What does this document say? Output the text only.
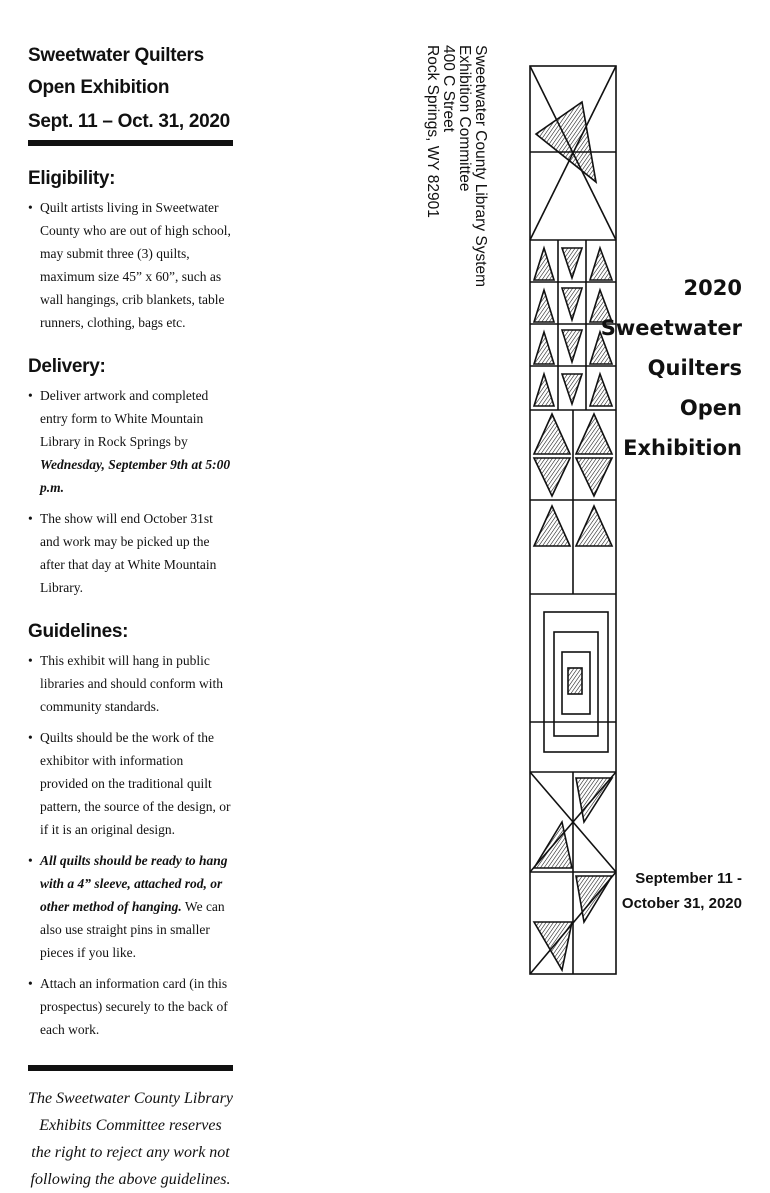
Sweetwater Quilters
Open Exhibition
Sept. 11 – Oct. 31, 2020
Eligibility:
• Quilt artists living in Sweetwater County who are out of high school, may submit three (3) quilts, maximum size 45” x 60”, such as wall hangings, crib blankets, table runners, clothing, bags etc.
Delivery:
• Deliver artwork and completed entry form to White Mountain Library in Rock Springs by Wednesday, September 9th at 5:00 p.m.
• The show will end October 31st and work may be picked up the after that day at White Mountain Library.
Guidelines:
• This exhibit will hang in public libraries and should conform with community standards.
• Quilts should be the work of the exhibitor with information provided on the traditional quilt pattern, the source of the design, or if it is an original design.
• All quilts should be ready to hang with a 4” sleeve, attached rod, or other method of hanging. We can also use straight pins in smaller pieces if you like.
• Attach an information card (in this prospectus) securely to the back of each work.
The Sweetwater County Library Exhibits Committee reserves the right to reject any work not following the above guidelines.
Sweetwater County Library System
Exhibition Committee
400 C Street
Rock Springs, WY 82901
2020
Sweetwater
Quilters
Open
Exhibition
September 11 -
October 31, 2020
